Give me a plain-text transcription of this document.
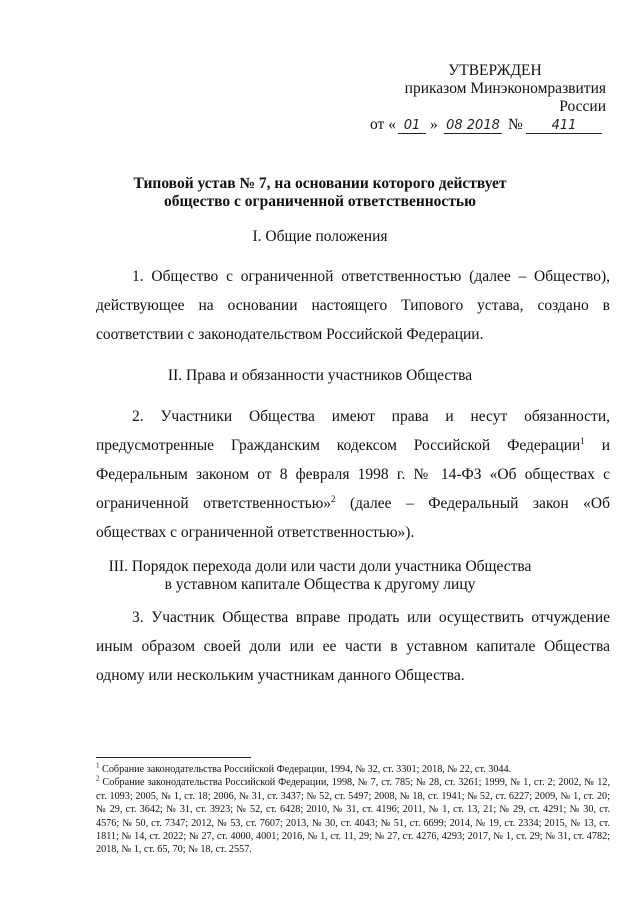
УТВЕРЖДЕН
приказом Минэкономразвития России
от « 01 » 08 2018 №	411
Типовой устав № 7, на основании которого действует
общество с ограниченной ответственностью
I. Общие положения
1. Общество с ограниченной ответственностью (далее – Общество), действующее на основании настоящего Типового устава, создано в соответствии с законодательством Российской Федерации.
II. Права и обязанности участников Общества
2. Участники Общества имеют права и несут обязанности, предусмотренные Гражданским кодексом Российской Федерации$^1$ и Федеральным законом от 8 февраля 1998 г. № 14-ФЗ «Об обществах с ограниченной ответственностью»$^2$ (далее – Федеральный закон «Об обществах с ограниченной ответственностью»).
III. Порядок перехода доли или части доли участника Общества
в уставном капитале Общества к другому лицу
3. Участник Общества вправе продать или осуществить отчуждение иным образом своей доли или ее части в уставном капитале Общества одному или нескольким участникам данного Общества.
$^1$ Собрание законодательства Российской Федерации, 1994, № 32, ст. 3301; 2018, № 22, ст. 3044.
$^2$ Собрание законодательства Российской Федерации, 1998, № 7, ст. 785; № 28, ст. 3261; 1999, № 1, ст. 2; 2002, № 12, ст. 1093; 2005, № 1, ст. 18; 2006, № 31, ст. 3437; № 52, ст. 5497; 2008, № 18, ст. 1941; № 52, ст. 6227; 2009, № 1, ст. 20; № 29, ст. 3642; № 31, ст. 3923; № 52, ст. 6428; 2010, № 31, ст. 4196; 2011, № 1, ст. 13, 21; № 29, ст. 4291; № 30, ст. 4576; № 50, ст. 7347; 2012, № 53, ст. 7607; 2013, № 30, ст. 4043; № 51, ст. 6699; 2014, № 19, ст. 2334; 2015, № 13, ст. 1811; № 14, ст. 2022; № 27, ст. 4000, 4001; 2016, № 1, ст. 11, 29; № 27, ст. 4276, 4293; 2017, № 1, ст. 29; № 31, ст. 4782; 2018, № 1, ст. 65, 70; № 18, ст. 2557.
